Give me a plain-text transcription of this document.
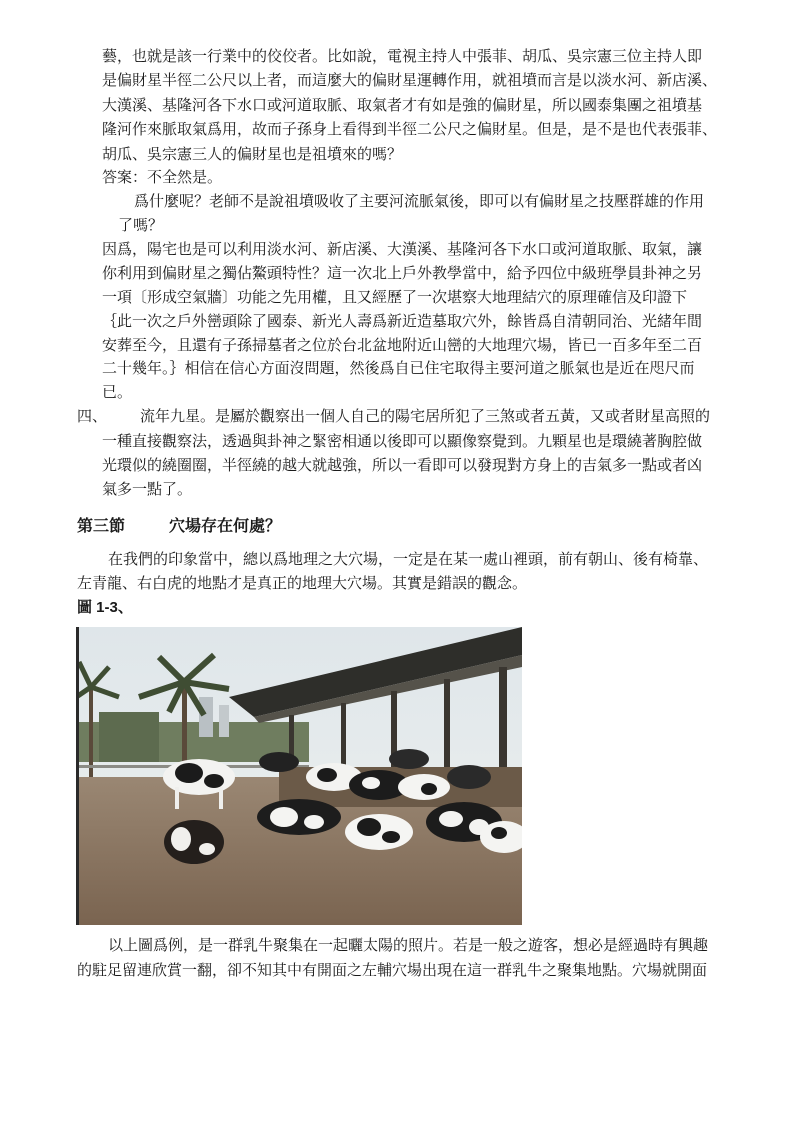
藝，也就是該一行業中的佼佼者。比如說，電視主持人中張菲、胡瓜、吳宗憲三位主持人即
是偏財星半徑二公尺以上者，而這麼大的偏財星運轉作用，就祖墳而言是以淡水河、新店溪、
大漢溪、基隆河各下水口或河道取脈、取氣者才有如是強的偏財星，所以國泰集團之祖墳基
隆河作來脈取氣爲用，故而子孫身上看得到半徑二公尺之偏財星。但是，是不是也代表張菲、
胡瓜、吳宗憲三人的偏財星也是祖墳來的嗎？
答案：不全然是。
爲什麼呢？老師不是說祖墳吸收了主要河流脈氣後，即可以有偏財星之技壓群雄的作用
了嗎？
因爲，陽宅也是可以利用淡水河、新店溪、大漢溪、基隆河各下水口或河道取脈、取氣，讓
你利用到偏財星之獨佔鰲頭特性？這一次北上戶外教學當中，給予四位中級班學員卦神之另
一項〔形成空氣牆〕功能之先用權，且又經歷了一次堪察大地理結穴的原理確信及印證下
｛此一次之戶外巒頭除了國泰、新光人壽爲新近造墓取穴外，餘皆爲自清朝同治、光緒年間
安葬至今，且還有子孫掃墓者之位於台北盆地附近山巒的大地理穴場，皆已一百多年至二百
二十幾年。｝相信在信心方面沒問題，然後爲自已住宅取得主要河道之脈氣也是近在咫尺而
已。
四、	流年九星。是屬於觀察出一個人自己的陽宅居所犯了三煞或者五黃，又或者財星高照的
一種直接觀察法，透過與卦神之緊密相通以後即可以顯像察覺到。九顆星也是環繞著胸腔做
光環似的繞圈圈，半徑繞的越大就越強，所以一看即可以發現對方身上的吉氣多一點或者凶
氣多一點了。
第三節	穴場存在何處？
在我們的印象當中，總以爲地理之大穴場，一定是在某一處山裡頭，前有朝山、後有椅靠、
左青龍、右白虎的地點才是真正的地理大穴場。其實是錯誤的觀念。
圖 1-3、
以上圖爲例，是一群乳牛聚集在一起曬太陽的照片。若是一般之遊客，想必是經過時有興趣
的駐足留連欣賞一翻，卻不知其中有開面之左輔穴場出現在這一群乳牛之聚集地點。穴場就開面
